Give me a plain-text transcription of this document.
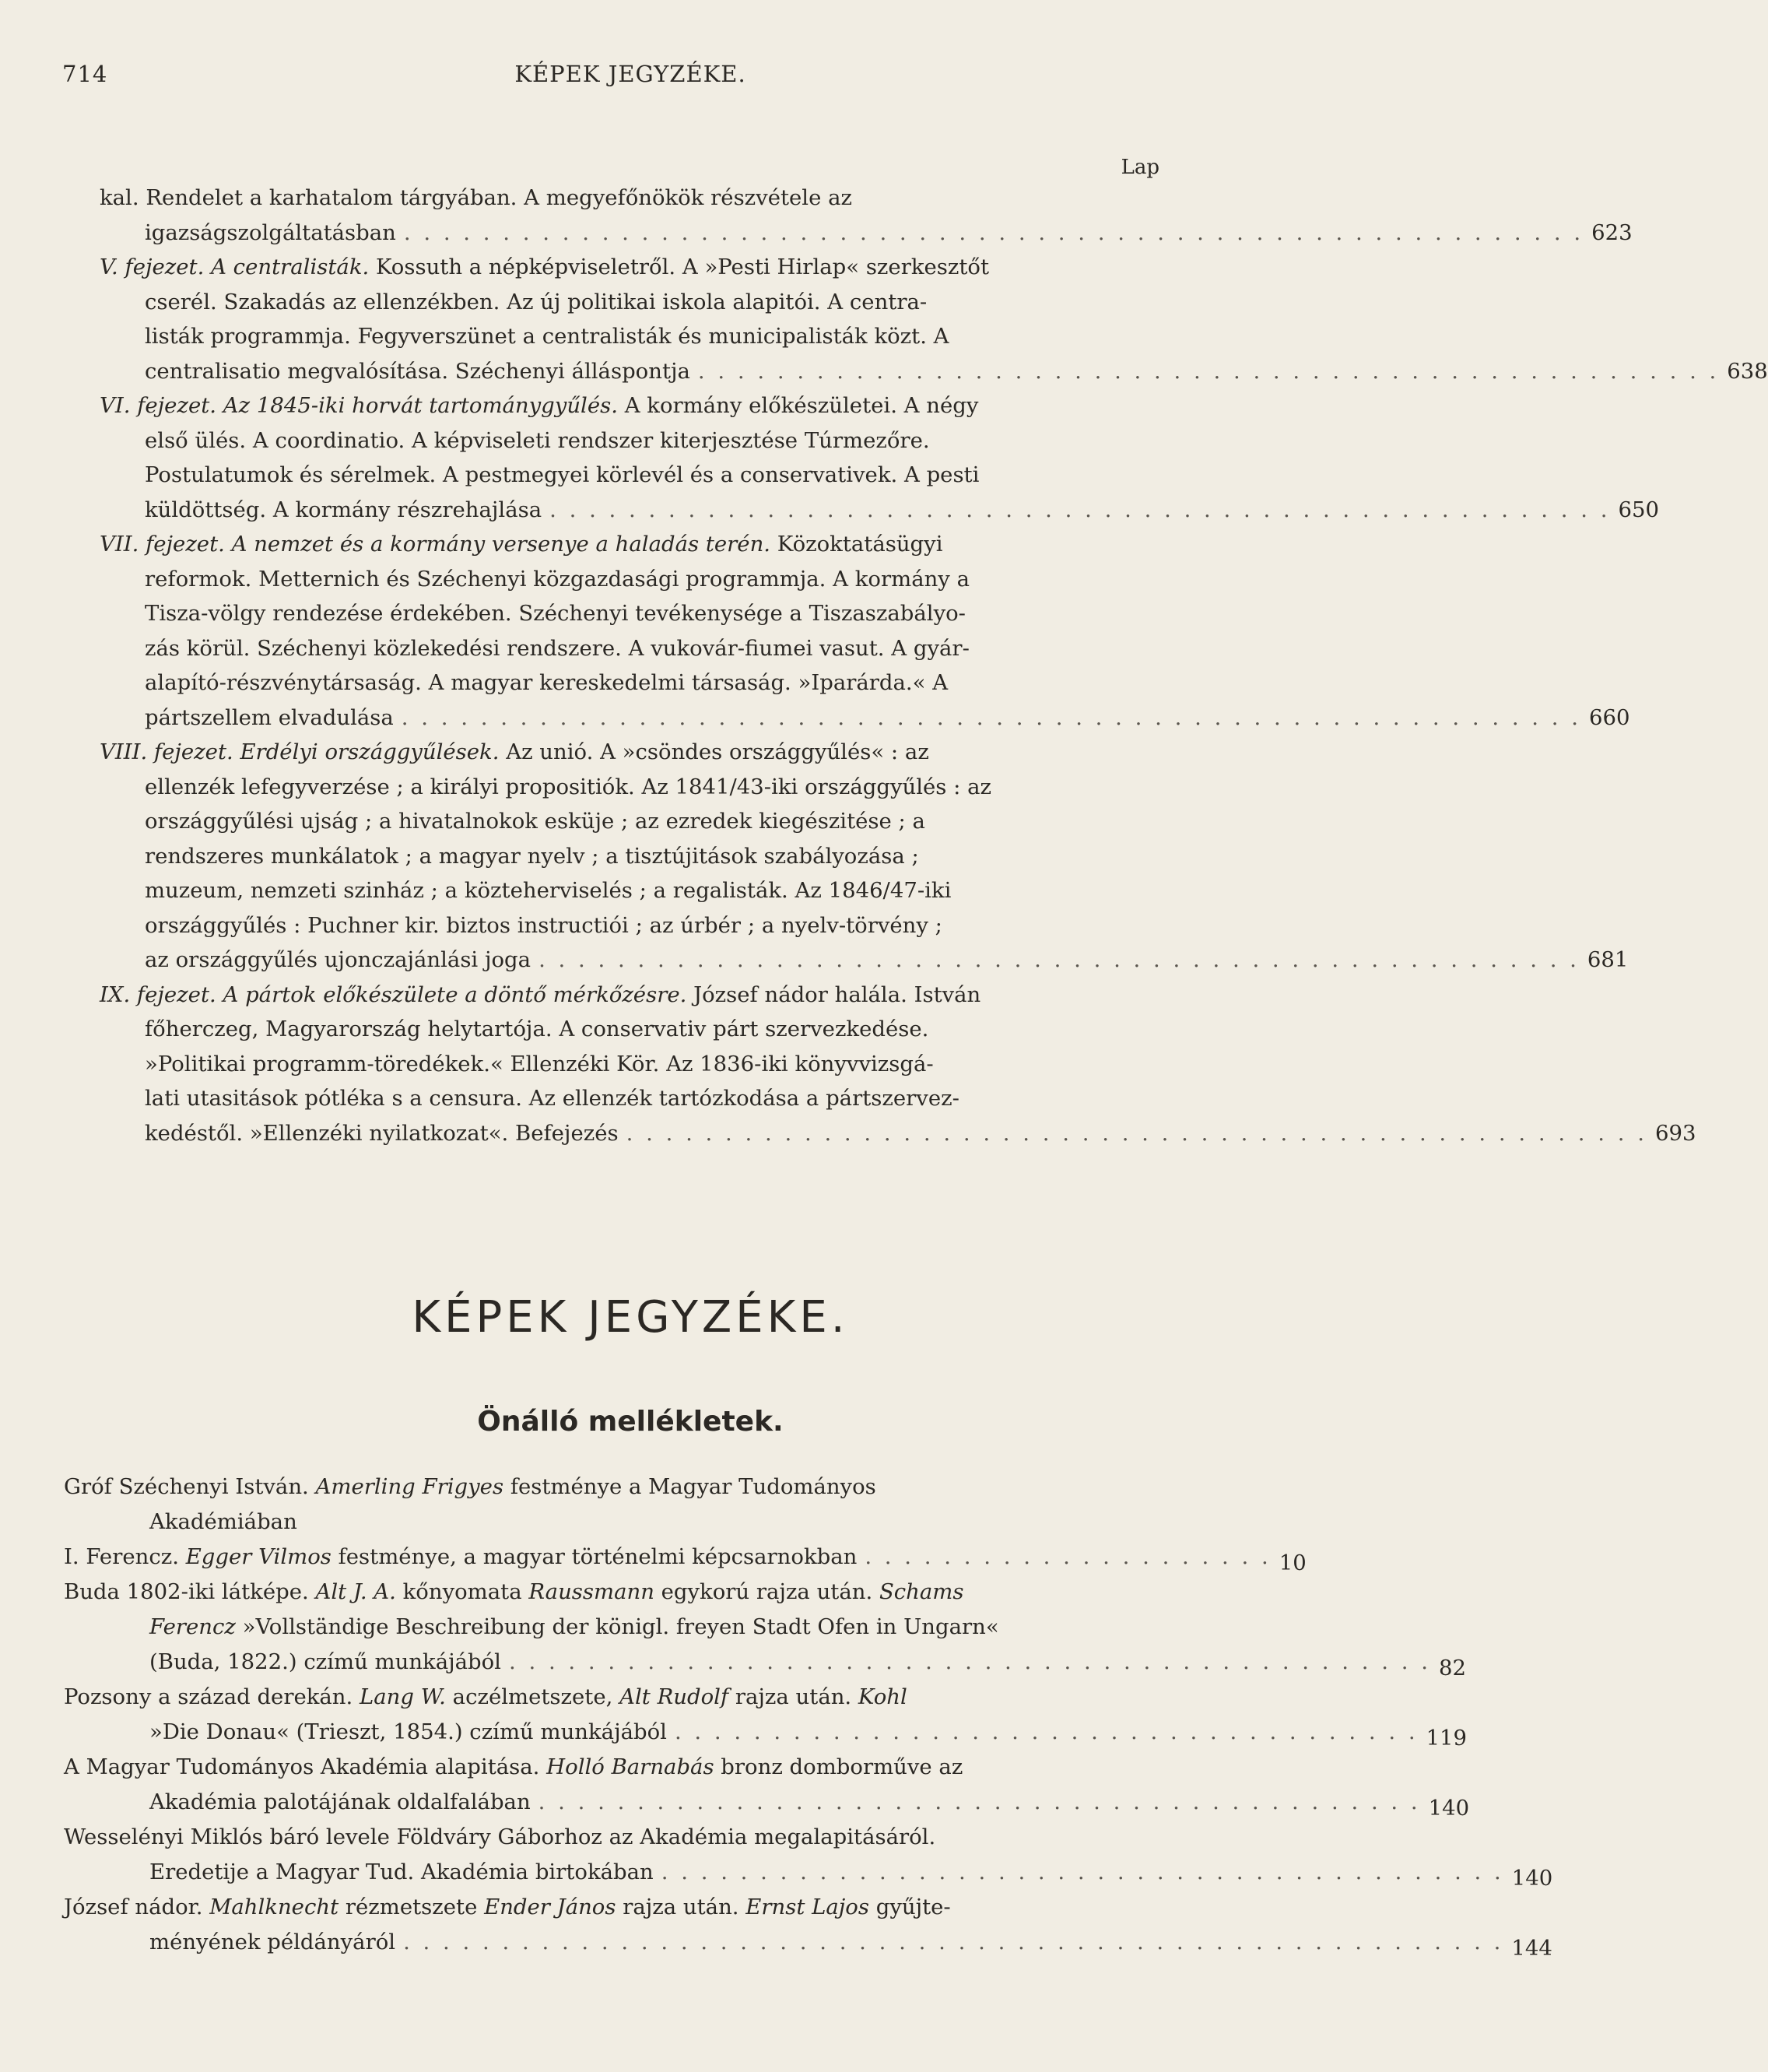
714	KÉPEK JEGYZÉKE.
Lap
kal. Rendelet a karhatalom tárgyában. A megyefőnökök részvétele az
igazságszolgáltatásban . . . . . . . . . . . . . . . . . . . . . . . . . . . . . . . . . . . . . . . . . . . . . . . . . . . . . . . . . . . . 623
V. fejezet. A centralisták. Kossuth a népképviseletről. A »Pesti Hirlap« szerkesztőt
cserél. Szakadás az ellenzékben. Az új politikai iskola alapitói. A centra-
listák programmja. Fegyverszünet a centralisták és municipalisták közt. A
centralisatio megvalósítása. Széchenyi álláspontja . . . . . . . . . . . . . . . . . . . . . . . . . . . . . . . . . . . . . . . . . . . . . . . . . . . . 638
VI. fejezet. Az 1845-iki horvát tartománygyűlés. A kormány előkészületei. A négy
első ülés. A coordinatio. A képviseleti rendszer kiterjesztése Túrmezőre.
Postulatumok és sérelmek. A pestmegyei körlevél és a conservativek. A pesti
küldöttség. A kormány részrehajlása . . . . . . . . . . . . . . . . . . . . . . . . . . . . . . . . . . . . . . . . . . . . . . . . . . . . . . 650
VII. fejezet. A nemzet és a kormány versenye a haladás terén. Közoktatásügyi
reformok. Metternich és Széchenyi közgazdasági programmja. A kormány a
Tisza-völgy rendezése érdekében. Széchenyi tevékenysége a Tiszaszabályo-
zás körül. Széchenyi közlekedési rendszere. A vukovár-fiumei vasut. A gyár-
alapító-részvénytársaság. A magyar kereskedelmi társaság. »Iparárda.« A
pártszellem elvadulása . . . . . . . . . . . . . . . . . . . . . . . . . . . . . . . . . . . . . . . . . . . . . . . . . . . . . . . . . . . . 660
VIII. fejezet. Erdélyi országgyűlések. Az unió. A »csöndes országgyűlés« : az
ellenzék lefegyverzése ; a királyi propositiók. Az 1841/43-iki országgyűlés : az
országgyűlési ujság ; a hivatalnokok esküje ; az ezredek kiegészitése ; a
rendszeres munkálatok ; a magyar nyelv ; a tisztújitások szabályozása ;
muzeum, nemzeti szinház ; a közteherviselés ; a regalisták. Az 1846/47-iki
országgyűlés : Puchner kir. biztos instructiói ; az úrbér ; a nyelv-törvény ;
az országgyűlés ujonczajánlási joga . . . . . . . . . . . . . . . . . . . . . . . . . . . . . . . . . . . . . . . . . . . . . . . . . . . . . 681
IX. fejezet. A pártok előkészülete a döntő mérkőzésre. József nádor halála. István
főherczeg, Magyarország helytartója. A conservativ párt szervezkedése.
»Politikai programm-töredékek.« Ellenzéki Kör. Az 1836-iki könyvvizsgá-
lati utasitások pótléka s a censura. Az ellenzék tartózkodása a pártszervez-
kedéstől. »Ellenzéki nyilatkozat«. Befejezés . . . . . . . . . . . . . . . . . . . . . . . . . . . . . . . . . . . . . . . . . . . . . . . . . . . . 693
KÉPEK JEGYZÉKE.
Önálló mellékletek.
Gróf Széchenyi István. Amerling Frigyes festménye a Magyar Tudományos
Akadémiában
I. Ferencz. Egger Vilmos festménye, a magyar történelmi képcsarnokban . . . . . . . . . . . . . . . . . . . . . 10
Buda 1802-iki látképe. Alt J. A. kőnyomata Raussmann egykorú rajza után. Schams
Ferencz »Vollständige Beschreibung der königl. freyen Stadt Ofen in Ungarn«
(Buda, 1822.) czímű munkájából . . . . . . . . . . . . . . . . . . . . . . . . . . . . . . . . . . . . . . . . . . . . . . . 82
Pozsony a század derekán. Lang W. aczélmetszete, Alt Rudolf rajza után. Kohl
»Die Donau« (Trieszt, 1854.) czímű munkájából . . . . . . . . . . . . . . . . . . . . . . . . . . . . . . . . . . . . . . 119
A Magyar Tudományos Akadémia alapitása. Holló Barnabás bronz domborműve az
Akadémia palotájának oldalfalában . . . . . . . . . . . . . . . . . . . . . . . . . . . . . . . . . . . . . . . . . . . . . 140
Wesselényi Miklós báró levele Földváry Gáborhoz az Akadémia megalapitásáról.
Eredetije a Magyar Tud. Akadémia birtokában . . . . . . . . . . . . . . . . . . . . . . . . . . . . . . . . . . . . . . . . . . . 140
József nádor. Mahlknecht rézmetszete Ender János rajza után. Ernst Lajos gyűjte-
ményének példányáról . . . . . . . . . . . . . . . . . . . . . . . . . . . . . . . . . . . . . . . . . . . . . . . . . . . . . . . . 144
